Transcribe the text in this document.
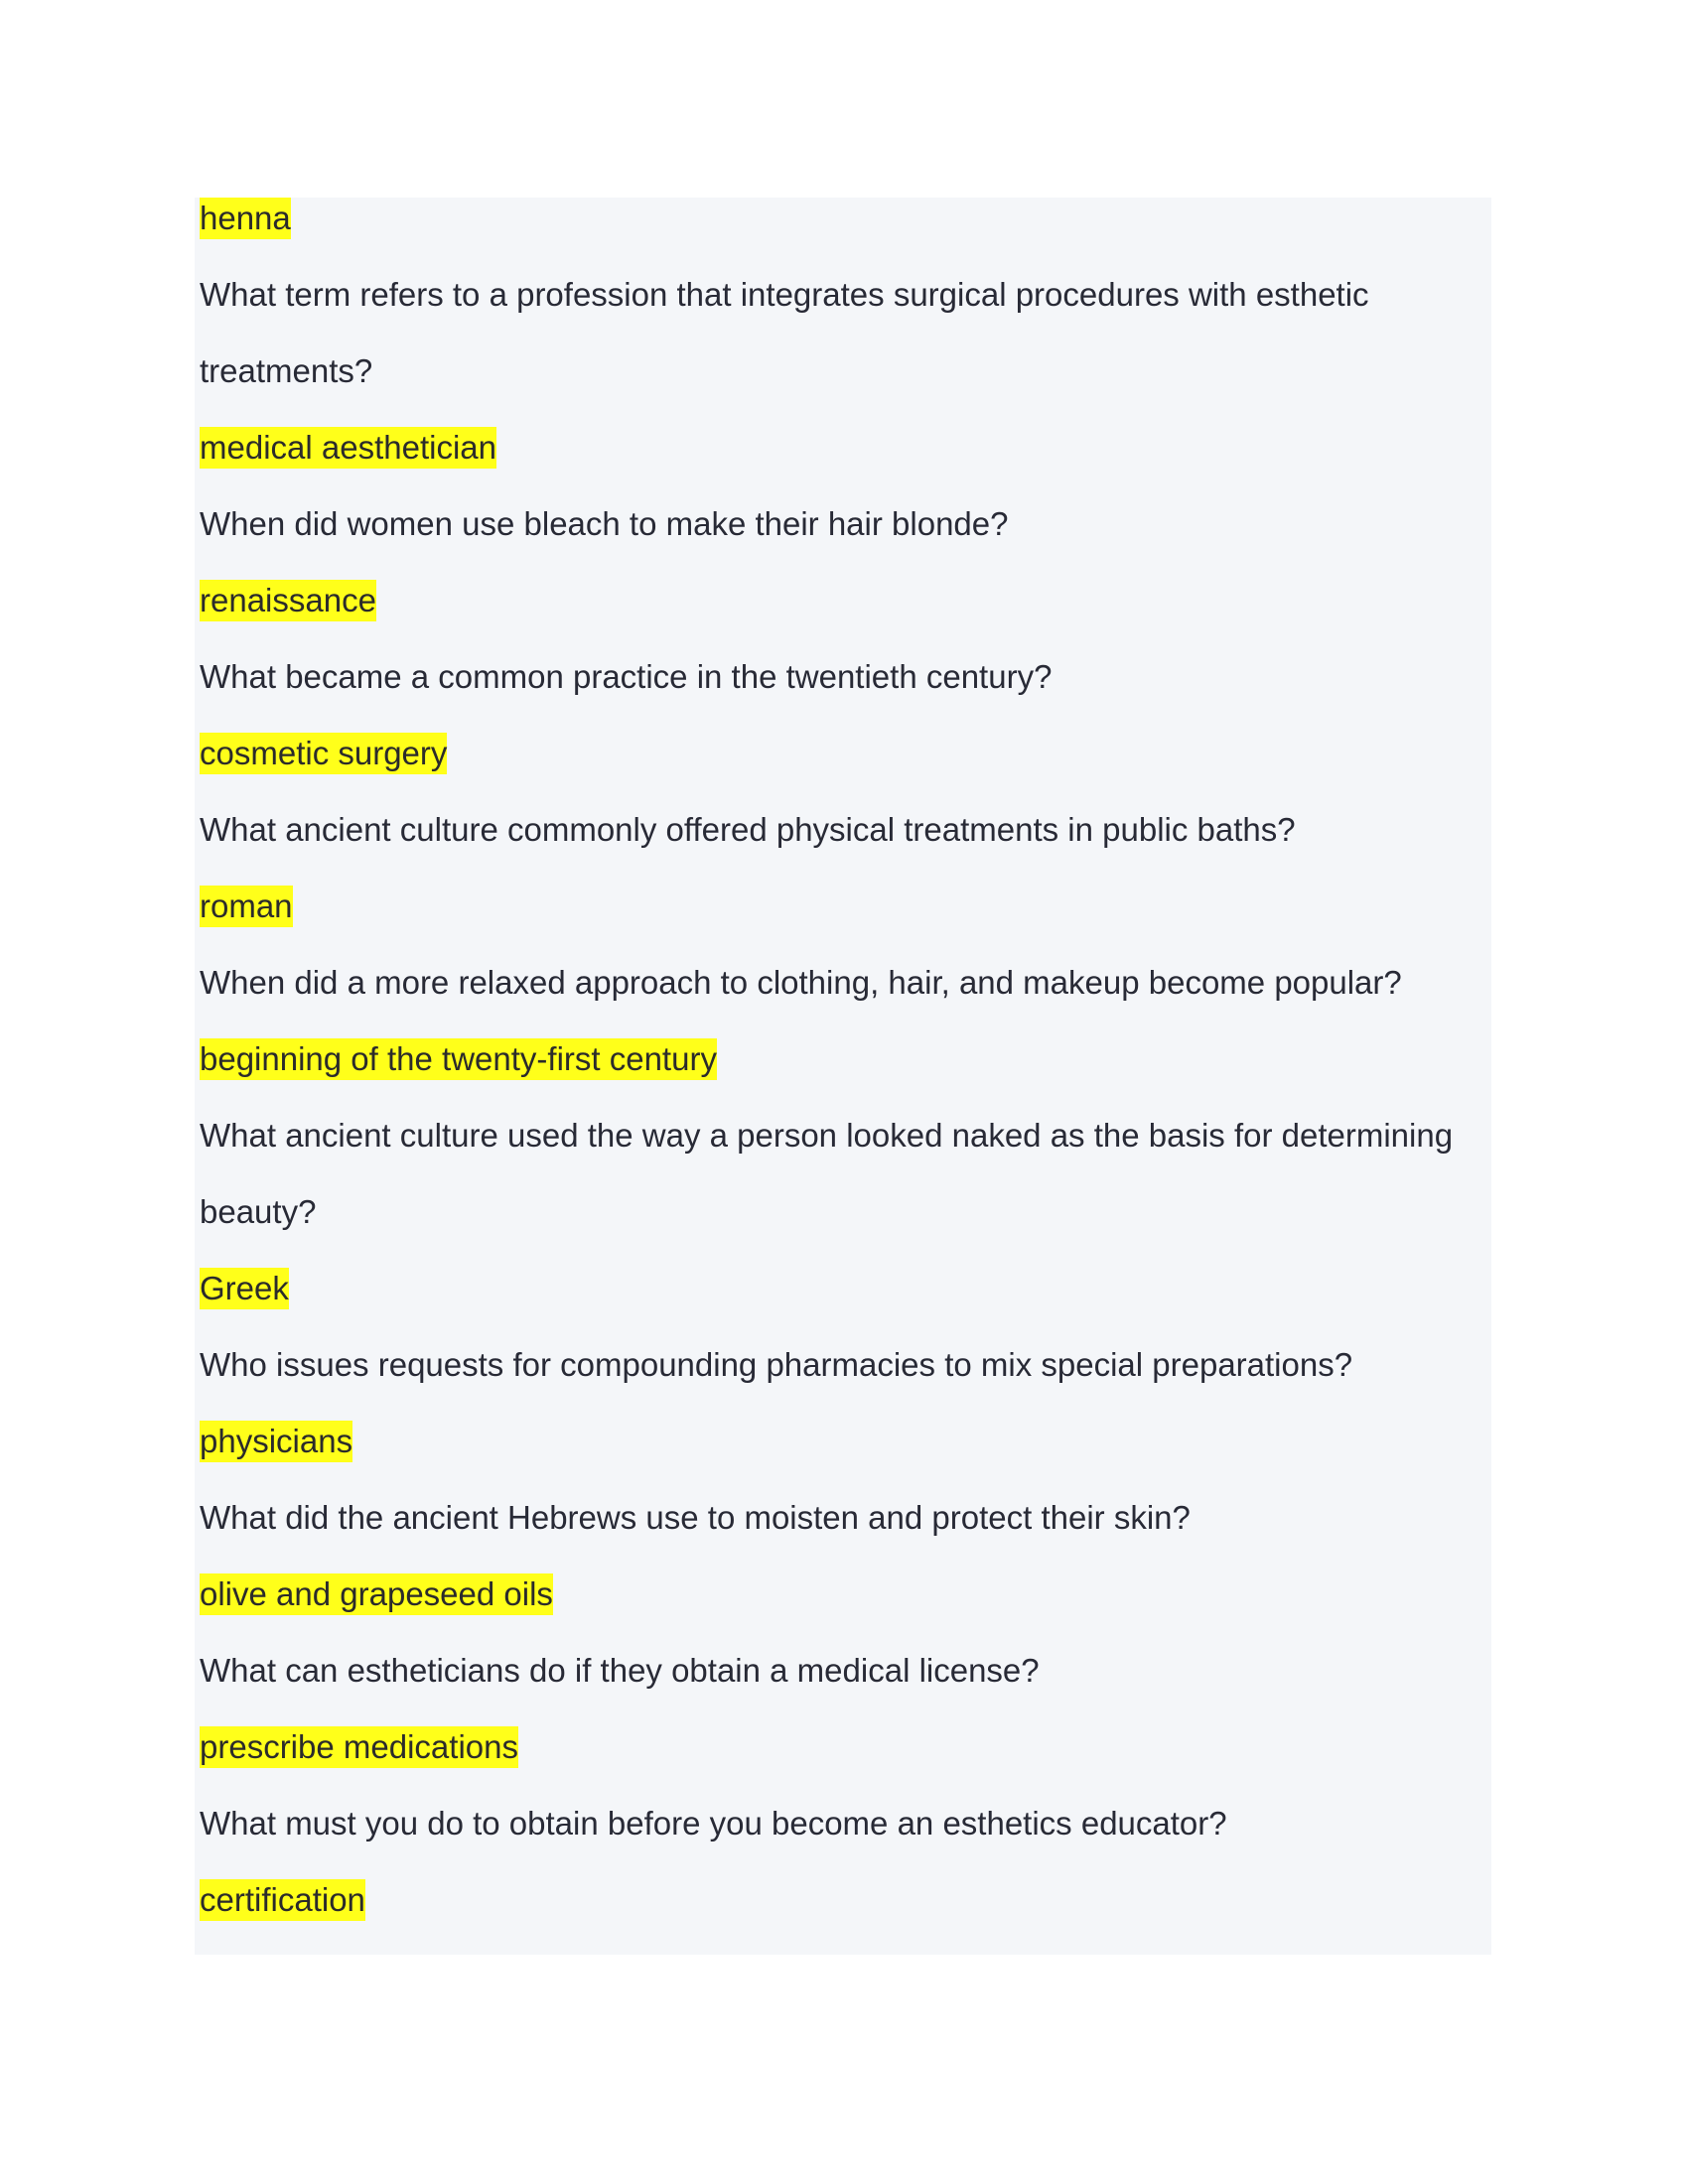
henna
What term refers to a profession that integrates surgical procedures with esthetic
treatments?
medical aesthetician
When did women use bleach to make their hair blonde?
renaissance
What became a common practice in the twentieth century?
cosmetic surgery
What ancient culture commonly offered physical treatments in public baths?
roman
When did a more relaxed approach to clothing, hair, and makeup become popular?
beginning of the twenty-first century
What ancient culture used the way a person looked naked as the basis for determining
beauty?
Greek
Who issues requests for compounding pharmacies to mix special preparations?
physicians
What did the ancient Hebrews use to moisten and protect their skin?
olive and grapeseed oils
What can estheticians do if they obtain a medical license?
prescribe medications
What must you do to obtain before you become an esthetics educator?
certification
